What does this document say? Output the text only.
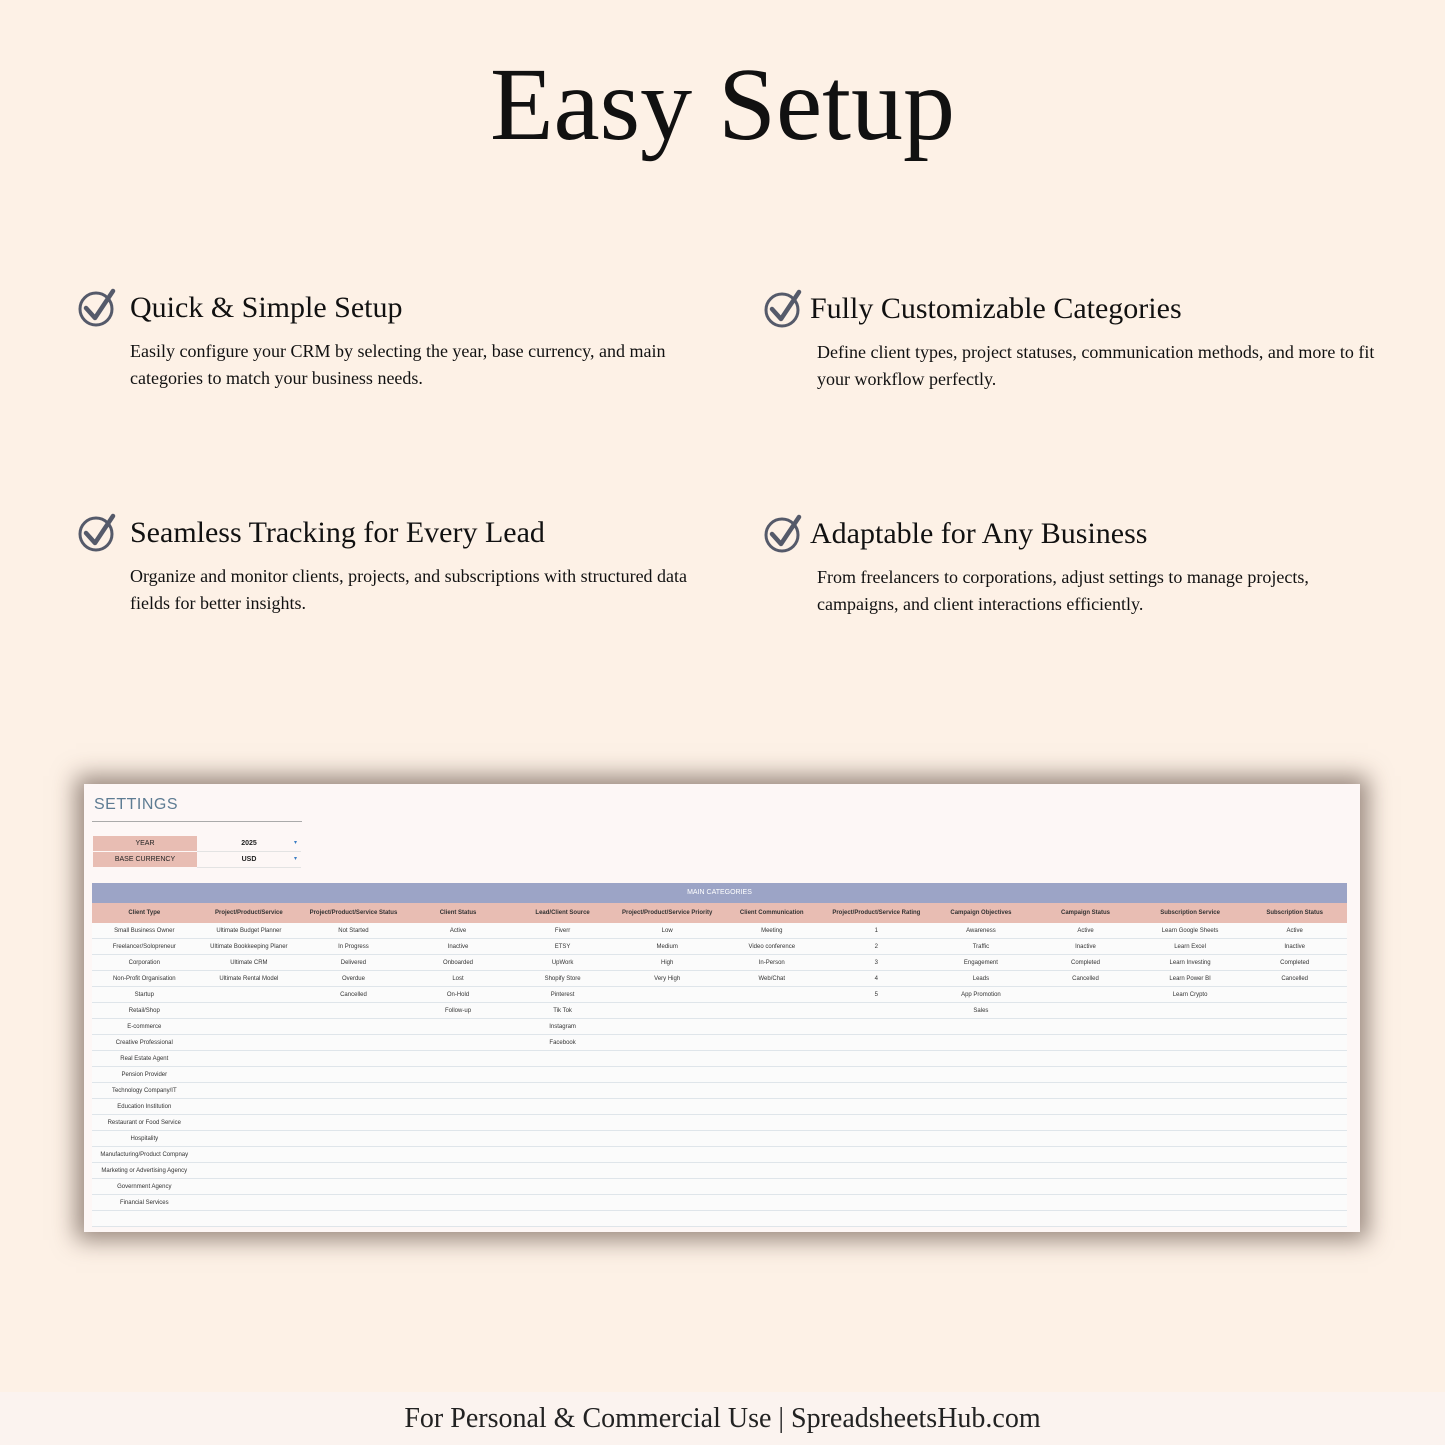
Easy Setup
Quick & Simple Setup

Easily configure your CRM by selecting the year, base currency, and main categories to match your business needs.

Fully Customizable Categories

Define client types, project statuses, communication methods, and more to fit your workflow perfectly.

Seamless Tracking for Every Lead

Organize and monitor clients, projects, and subscriptions with structured data fields for better insights.

Adaptable for Any Business

From freelancers to corporations, adjust settings to manage projects, campaigns, and client interactions efficiently.

SETTINGS
YEAR	2025	▾
BASE CURRENCY	USD	▾
MAIN CATEGORIES
Client Type	Project/Product/Service	Project/Product/Service Status	Client Status	Lead/Client Source	Project/Product/Service Priority	Client Communication	Project/Product/Service Rating	Campaign Objectives	Campaign Status	Subscription Service	Subscription Status
Small Business Owner	Ultimate Budget Planner	Not Started	Active	Fiverr	Low	Meeting	1	Awareness	Active	Learn Google Sheets	Active
Freelancer/Solopreneur	Ultimate Bookkeeping Planer	In Progress	Inactive	ETSY	Medium	Video conference	2	Traffic	Inactive	Learn Excel	Inactive
Corporation	Ultimate CRM	Delivered	Onboarded	UpWork	High	In-Person	3	Engagement	Completed	Learn Investing	Completed
Non-Profit Organisation	Ultimate Rental Model	Overdue	Lost	Shopify Store	Very High	Web/Chat	4	Leads	Cancelled	Learn Power BI	Cancelled
Startup		Cancelled	On-Hold	Pinterest			5	App Promotion		Learn Crypto	
Retail/Shop			Follow-up	Tik Tok				Sales			
E-commerce				Instagram							
Creative Professional				Facebook							
Real Estate Agent											
Pension Provider											
Technology Company/IT											
Education Institution											
Restaurant or Food Service											
Hospitality											
Manufacturing/Product Compnay											
Marketing or Advertising Agency											
Government Agency											
Financial Services											

For Personal & Commercial Use | SpreadsheetsHub.com
